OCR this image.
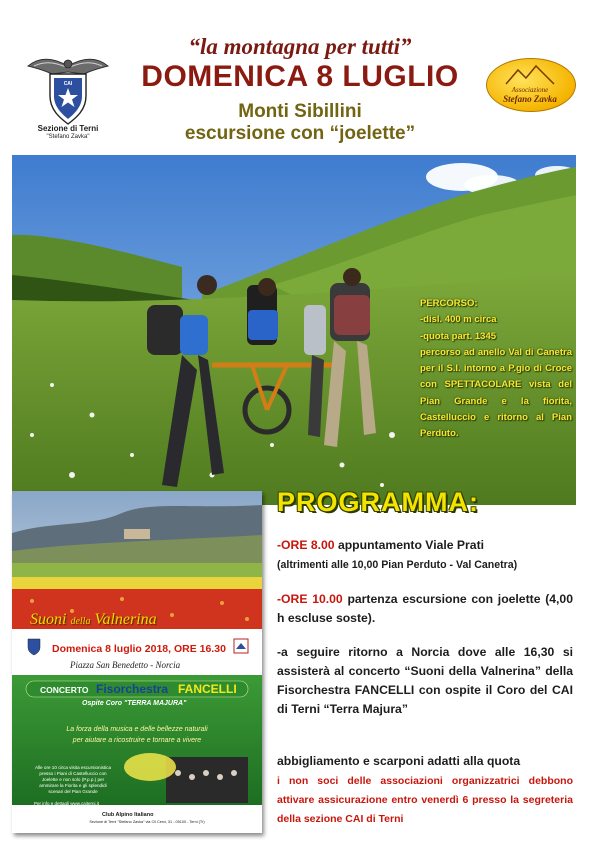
CAI
Sezione di Terni
"Stefano Zavka"
“la montagna per tutti”
DOMENICA 8 LUGLIO
Monti Sibillini
escursione con “joelette”
Associazione
Stefano Zavka
PERCORSO:
-disl. 400 m circa
-quota part. 1345
percorso ad anello Val di Canetra per il S.I. intorno a P.gio di Croce con SPETTACOLARE vista del Pian Grande e la fiorita, Castelluccio e ritorno al Pian Perduto.
PROGRAMMA:
-ORE 8.00 appuntamento Viale Prati
(altrimenti alle 10,00 Pian Perduto - Val Canetra)
-ORE 10.00 partenza escursione con joelette (4,00 h escluse soste).
-a seguire ritorno a Norcia dove alle 16,30 si assisterà al concerto “Suoni della Valnerina” della Fisorchestra FANCELLI con ospite il Coro del CAI di Terni “Terra Majura”
abbigliamento e scarponi adatti alla quota
i non soci delle associazioni organizzatrici debbono attivare assicurazione entro venerdì 6 presso la segreteria della sezione CAI di Terni
Suoni della Valnerina
Domenica 8 luglio 2018, ORE 16.30
Piazza San Benedetto - Norcia
CONCERTO Fisorchestra FANCELLI
Ospite Coro "TERRA MAJURA"
La forza della musica e delle bellezze naturali
per aiutare a ricostruire e tornare a vivere
Alle ore 10 circa visita escursionistica presso i Piani di Castelluccio con Joelette e non solo (P.p.p.) per ammirare la Fiorita e gli splendidi scenari del Pian Grande
Per info e dettagli www.caiterni.it
Club Alpino Italiano
Sezione di Terni "Stefano Zavka" via Cll Cervi, 31 - 05100 - Terni (Tr)
